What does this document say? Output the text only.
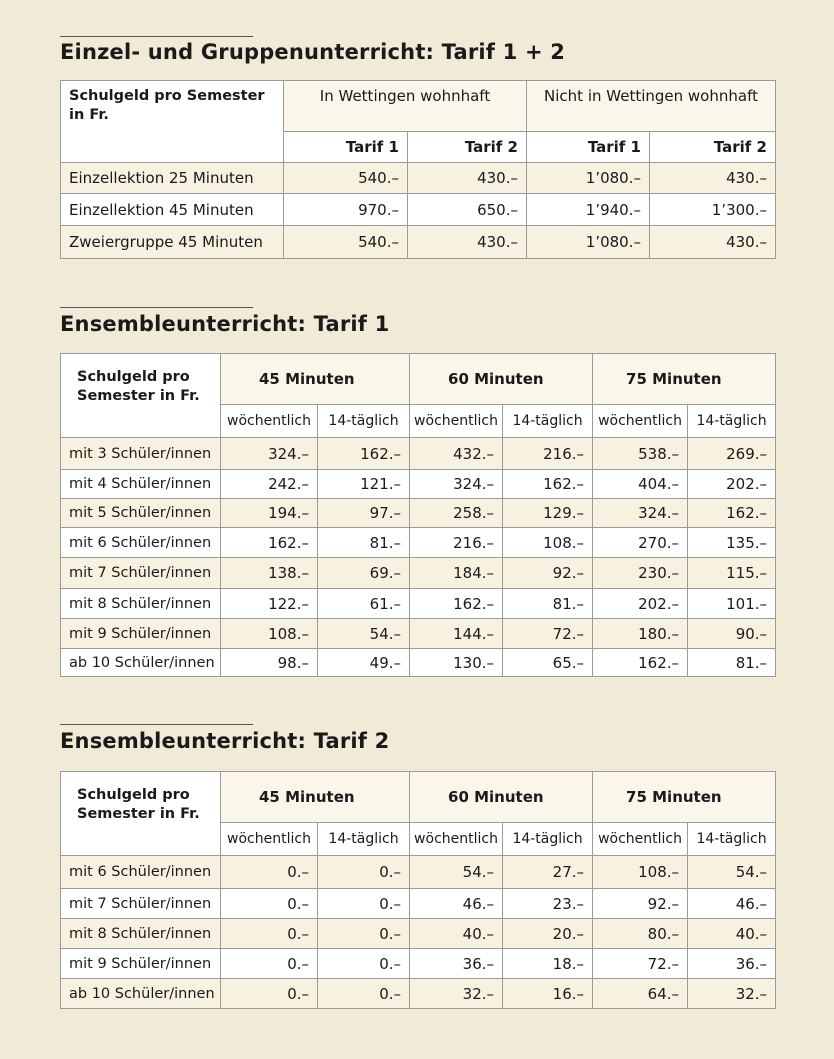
Einzel- und Gruppenunterricht: Tarif 1 + 2
Schulgeld pro Semester in Fr.	In Wettingen wohnhaft		Nicht in Wettingen wohnhaft	
	Tarif 1	Tarif 2	Tarif 1	Tarif 2
Einzellektion 25 Minuten	540.–	430.–	1’080.–	430.–
Einzellektion 45 Minuten	970.–	650.–	1’940.–	1’300.–
Zweiergruppe 45 Minuten	540.–	430.–	1’080.–	430.–
Ensembleunterricht: Tarif 1
Schulgeld pro Semester in Fr.	45 Minuten		60 Minuten		75 Minuten	
	wöchentlich	14-täglich	wöchentlich	14-täglich	wöchentlich	14-täglich
mit 3 Schüler/innen	324.–	162.–	432.–	216.–	538.–	269.–
mit 4 Schüler/innen	242.–	121.–	324.–	162.–	404.–	202.–
mit 5 Schüler/innen	194.–	97.–	258.–	129.–	324.–	162.–
mit 6 Schüler/innen	162.–	81.–	216.–	108.–	270.–	135.–
mit 7 Schüler/innen	138.–	69.–	184.–	92.–	230.–	115.–
mit 8 Schüler/innen	122.–	61.–	162.–	81.–	202.–	101.–
mit 9 Schüler/innen	108.–	54.–	144.–	72.–	180.–	90.–
ab 10 Schüler/innen	98.–	49.–	130.–	65.–	162.–	81.–
Ensembleunterricht: Tarif 2
Schulgeld pro Semester in Fr.	45 Minuten		60 Minuten		75 Minuten	
	wöchentlich	14-täglich	wöchentlich	14-täglich	wöchentlich	14-täglich
mit 6 Schüler/innen	0.–	0.–	54.–	27.–	108.–	54.–
mit 7 Schüler/innen	0.–	0.–	46.–	23.–	92.–	46.–
mit 8 Schüler/innen	0.–	0.–	40.–	20.–	80.–	40.–
mit 9 Schüler/innen	0.–	0.–	36.–	18.–	72.–	36.–
ab 10 Schüler/innen	0.–	0.–	32.–	16.–	64.–	32.–
